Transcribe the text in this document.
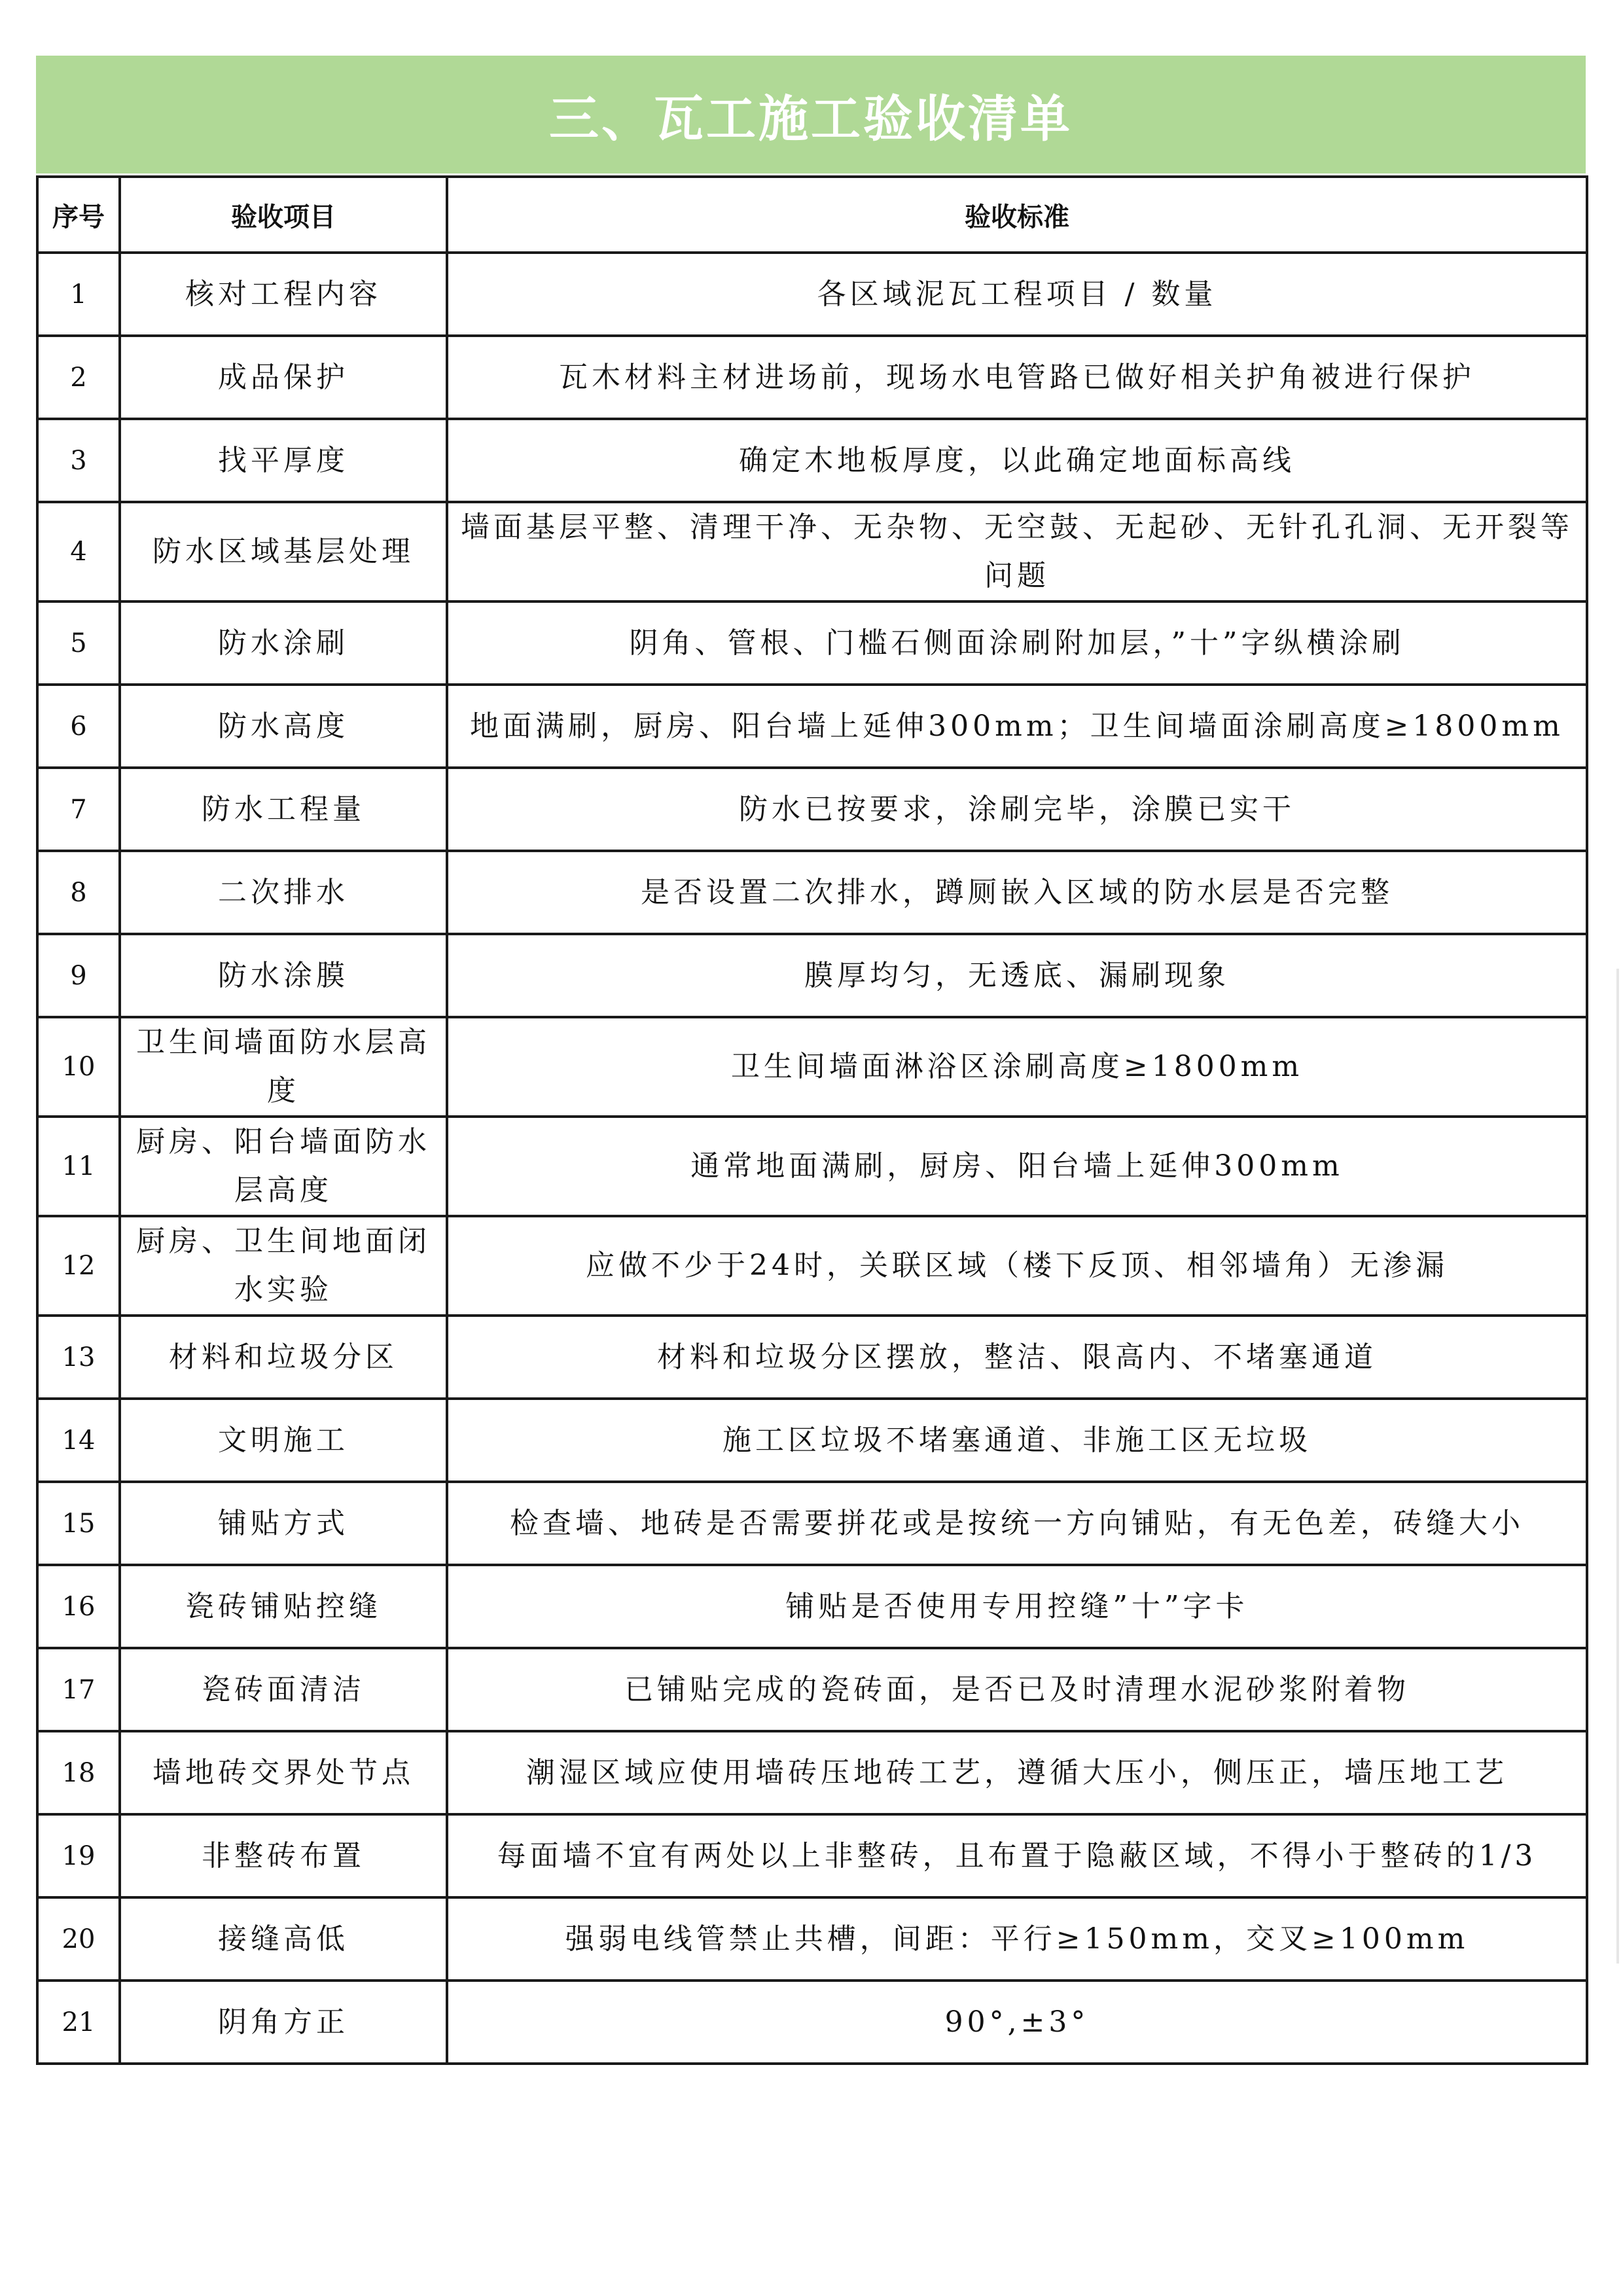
三、瓦工施工验收清单
序号	验收项目	验收标准
1	核对工程内容	各区域泥瓦工程项目 / 数量
2	成品保护	瓦木材料主材进场前，现场水电管路已做好相关护角被进行保护
3	找平厚度	确定木地板厚度，以此确定地面标高线
4	防水区域基层处理	墙面基层平整、清理干净、无杂物、无空鼓、无起砂、无针孔孔洞、无开裂等问题
5	防水涂刷	阴角、管根、门槛石侧面涂刷附加层，”十”字纵横涂刷
6	防水高度	地面满刷，厨房、阳台墙上延伸300mm；卫生间墙面涂刷高度≥1800mm
7	防水工程量	防水已按要求，涂刷完毕，涂膜已实干
8	二次排水	是否设置二次排水，蹲厕嵌入区域的防水层是否完整
9	防水涂膜	膜厚均匀，无透底、漏刷现象
10	卫生间墙面防水层高度	卫生间墙面淋浴区涂刷高度≥1800mm
11	厨房、阳台墙面防水层高度	通常地面满刷，厨房、阳台墙上延伸300mm
12	厨房、卫生间地面闭水实验	应做不少于24时，关联区域（楼下反顶、相邻墙角）无渗漏
13	材料和垃圾分区	材料和垃圾分区摆放，整洁、限高内、不堵塞通道
14	文明施工	施工区垃圾不堵塞通道、非施工区无垃圾
15	铺贴方式	检查墙、地砖是否需要拼花或是按统一方向铺贴，有无色差，砖缝大小
16	瓷砖铺贴控缝	铺贴是否使用专用控缝”十”字卡
17	瓷砖面清洁	已铺贴完成的瓷砖面，是否已及时清理水泥砂浆附着物
18	墙地砖交界处节点	潮湿区域应使用墙砖压地砖工艺，遵循大压小，侧压正，墙压地工艺
19	非整砖布置	每面墙不宜有两处以上非整砖，且布置于隐蔽区域，不得小于整砖的1/3
20	接缝高低	强弱电线管禁止共槽，间距：平行≥150mm，交叉≥100mm
21	阴角方正	90°,±3°
